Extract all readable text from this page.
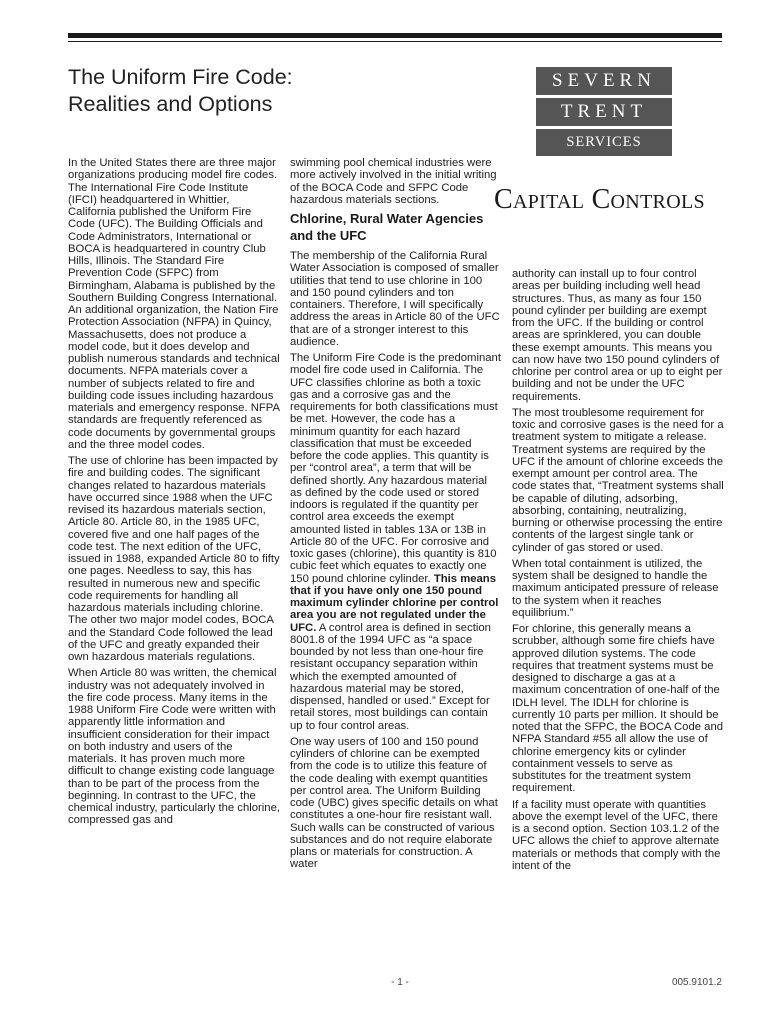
The Uniform Fire Code:
Realities and Options
SEVERN
TRENT
SERVICES
Capital Controls

In the United States there are three major organizations producing model fire codes. The International Fire Code Institute (IFCI) headquartered in Whittier, California published the Uniform Fire Code (UFC). The Building Officials and Code Administrators, International or BOCA is headquartered in country Club Hills, Illinois. The Standard Fire Prevention Code (SFPC) from Birmingham, Alabama is published by the Southern Building Congress International. An additional organization, the Nation Fire Protection Association (NFPA) in Quincy, Massachusetts, does not produce a model code, but it does develop and publish numerous standards and technical documents. NFPA materials cover a number of subjects related to fire and building code issues including hazardous materials and emergency response. NFPA standards are frequently referenced as code documents by governmental groups and the three model codes.

The use of chlorine has been impacted by fire and building codes. The significant changes related to hazardous materials have occurred since 1988 when the UFC revised its hazardous materials section, Article 80. Article 80, in the 1985 UFC, covered five and one half pages of the code test. The next edition of the UFC, issued in 1988, expanded Article 80 to fifty one pages. Needless to say, this has resulted in numerous new and specific code requirements for handling all hazardous materials including chlorine. The other two major model codes, BOCA and the Standard Code followed the lead of the UFC and greatly expanded their own hazardous materials regulations.

When Article 80 was written, the chemical industry was not adequately involved in the fire code process. Many items in the 1988 Uniform Fire Code were written with apparently little information and insufficient consideration for their impact on both industry and users of the materials. It has proven much more difficult to change existing code language than to be part of the process from the beginning. In contrast to the UFC, the chemical industry, particularly the chlorine, compressed gas and

swimming pool chemical industries were more actively involved in the initial writing of the BOCA Code and SFPC Code hazardous materials sections.

Chlorine, Rural Water Agencies and the UFC

The membership of the California Rural Water Association is composed of smaller utilities that tend to use chlorine in 100 and 150 pound cylinders and ton containers. Therefore, I will specifically address the areas in Article 80 of the UFC that are of a stronger interest to this audience.

The Uniform Fire Code is the predominant model fire code used in California. The UFC classifies chlorine as both a toxic gas and a corrosive gas and the requirements for both classifications must be met. However, the code has a minimum quantity for each hazard classification that must be exceeded before the code applies. This quantity is per “control area”, a term that will be defined shortly. Any hazardous material as defined by the code used or stored indoors is regulated if the quantity per control area exceeds the exempt amounted listed in tables 13A or 13B in Article 80 of the UFC. For corrosive and toxic gases (chlorine), this quantity is 810 cubic feet which equates to exactly one 150 pound chlorine cylinder. This means that if you have only one 150 pound maximum cylinder chlorine per control area you are not regulated under the UFC. A control area is defined in section 8001.8 of the 1994 UFC as “a space bounded by not less than one-hour fire resistant occupancy separation within which the exempted amounted of hazardous material may be stored, dispensed, handled or used.” Except for retail stores, most buildings can contain up to four control areas.

One way users of 100 and 150 pound cylinders of chlorine can be exempted from the code is to utilize this feature of the code dealing with exempt quantities per control area. The Uniform Building code (UBC) gives specific details on what constitutes a one-hour fire resistant wall. Such walls can be constructed of various substances and do not require elaborate plans or materials for construction. A water

authority can install up to four control areas per building including well head structures. Thus, as many as four 150 pound cylinder per building are exempt from the UFC. If the building or control areas are sprinklered, you can double these exempt amounts. This means you can now have two 150 pound cylinders of chlorine per control area or up to eight per building and not be under the UFC requirements.

The most troublesome requirement for toxic and corrosive gases is the need for a treatment system to mitigate a release. Treatment systems are required by the UFC if the amount of chlorine exceeds the exempt amount per control area. The code states that, “Treatment systems shall be capable of diluting, adsorbing, absorbing, containing, neutralizing, burning or otherwise processing the entire contents of the largest single tank or cylinder of gas stored or used.

When total containment is utilized, the system shall be designed to handle the maximum anticipated pressure of release to the system when it reaches equilibrium.”

For chlorine, this generally means a scrubber, although some fire chiefs have approved dilution systems. The code requires that treatment systems must be designed to discharge a gas at a maximum concentration of one-half of the IDLH level. The IDLH for chlorine is currently 10 parts per million. It should be noted that the SFPC, the BOCA Code and NFPA Standard #55 all allow the use of chlorine emergency kits or cylinder containment vessels to serve as substitutes for the treatment system requirement.

If a facility must operate with quantities above the exempt level of the UFC, there is a second option. Section 103.1.2 of the UFC allows the chief to approve alternate materials or methods that comply with the intent of the

- 1 -	005.9101.2
